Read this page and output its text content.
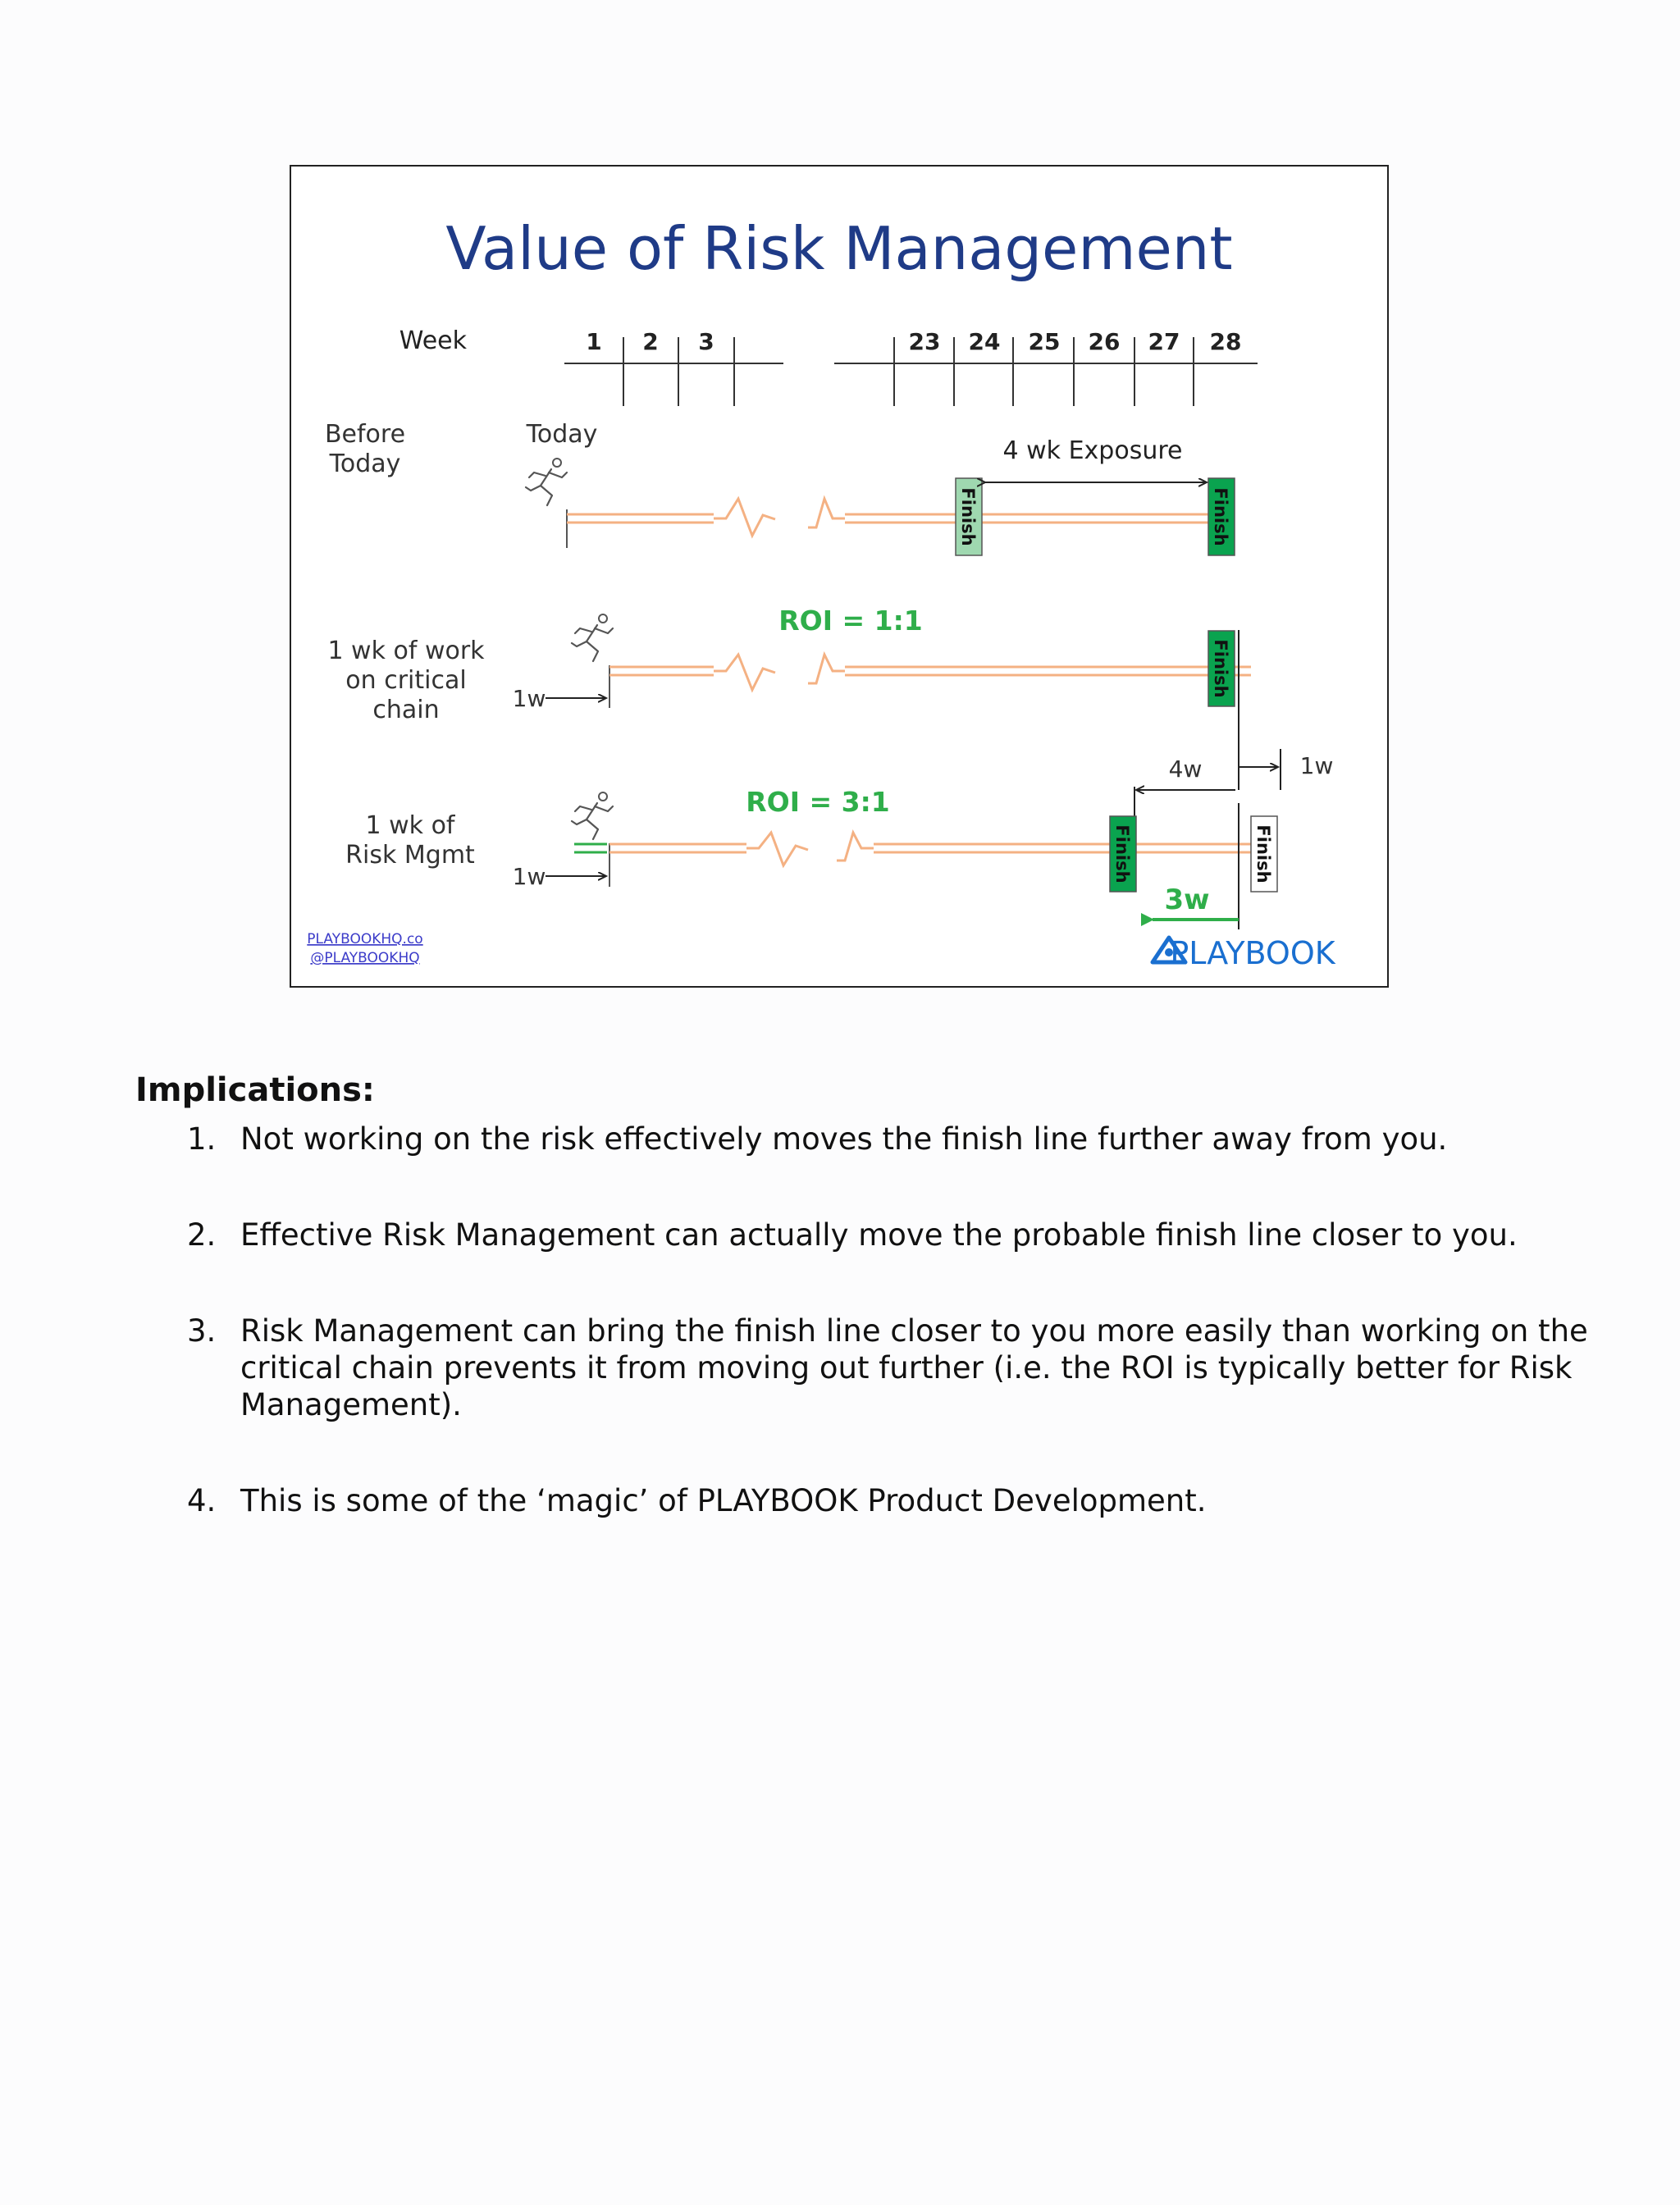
Value of Risk Management
Week	1 2 3	23 24 25 26 27 28
Before
Today
1 wk of work
on critical
chain
1 wk of
Risk Mgmt
Today
Finish	Finish
4 wk Exposure
ROI = 1:1
1w
Finish
1w
4w
ROI = 3:1
1w	Finish	Finish
3w
PLAYBOOKHQ.co
@PLAYBOOKHQ	PLAYBOOK
Implications:
1. Not working on the risk effectively moves the finish line further away from you.
2. Effective Risk Management can actually move the probable finish line closer to you.
3. Risk Management can bring the finish line closer to you more easily than working on the critical chain prevents it from moving out further (i.e. the ROI is typically better for Risk Management).
4. This is some of the ‘magic’ of PLAYBOOK Product Development.
